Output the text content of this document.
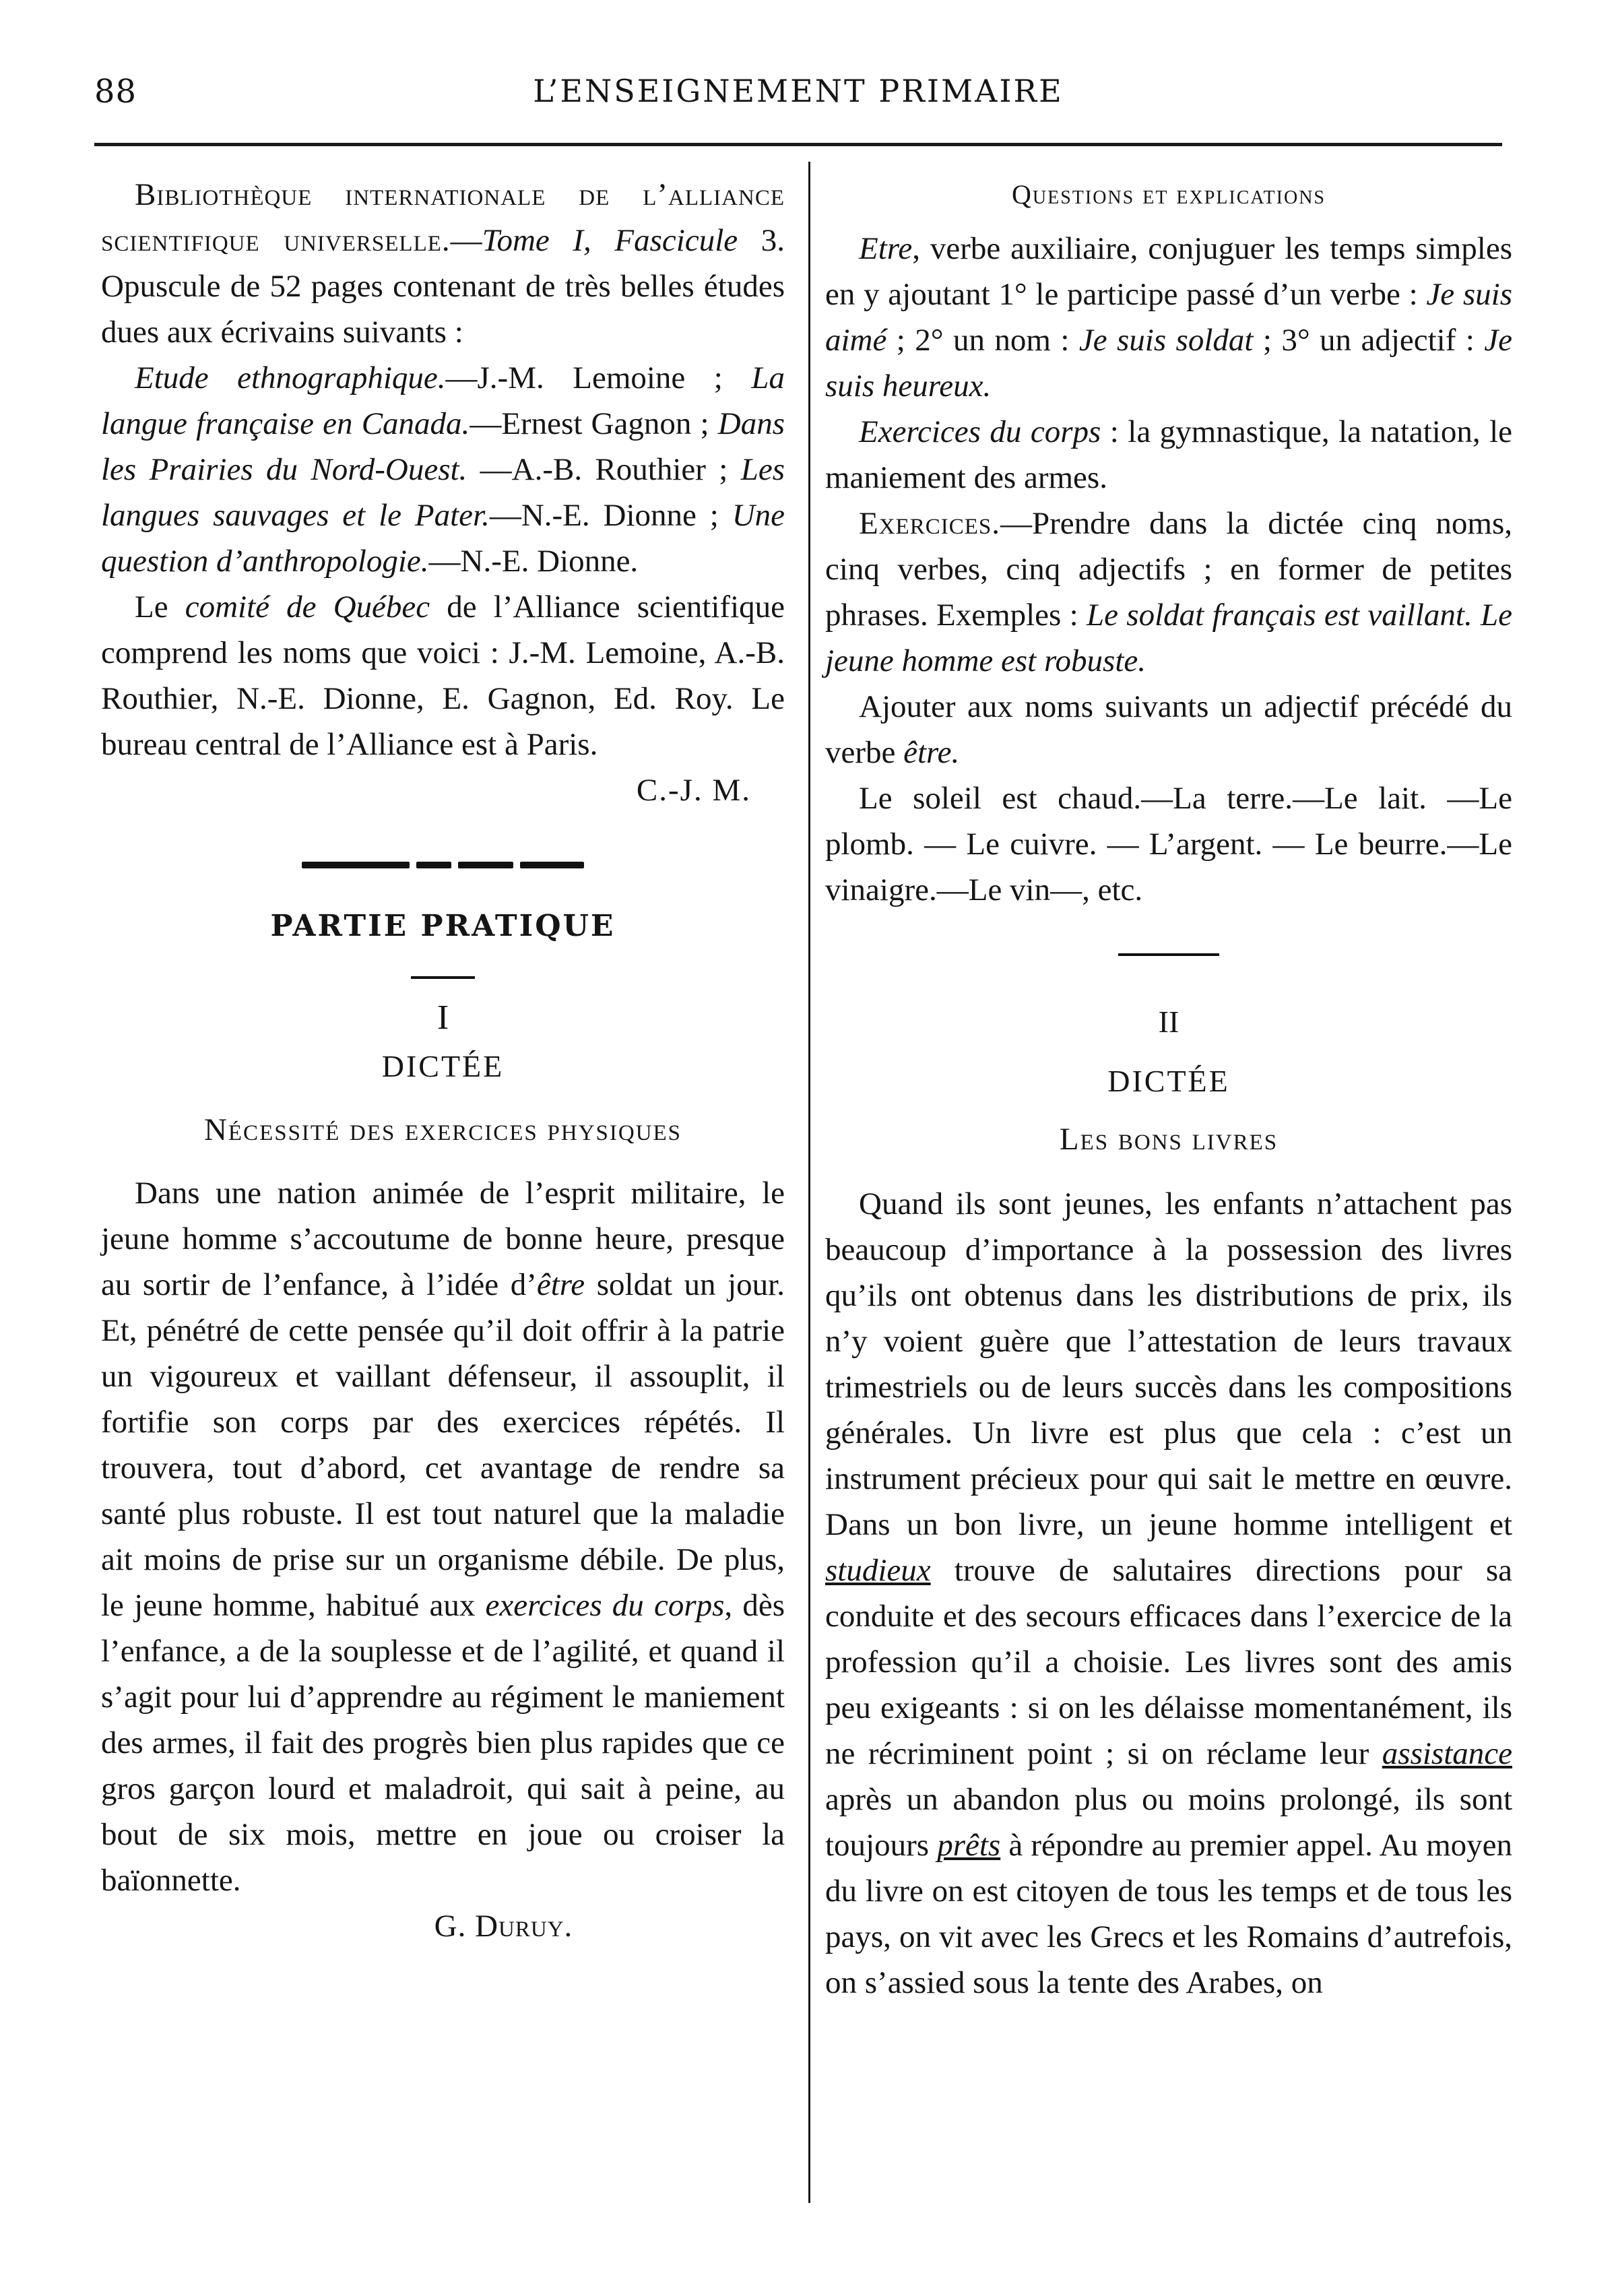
88	L’ENSEIGNEMENT PRIMAIRE

Bibliothèque internationale de l’alliance scientifique universelle.—Tome I, Fascicule 3. Opuscule de 52 pages contenant de très belles études dues aux écrivains suivants :

Etude ethnographique.—J.-M. Lemoine ; La langue française en Canada.—Ernest Gagnon ; Dans les Prairies du Nord-Ouest. —A.-B. Routhier ; Les langues sauvages et le Pater.—N.-E. Dionne ; Une question d’anthropologie.—N.-E. Dionne.

Le comité de Québec de l’Alliance scientifique comprend les noms que voici : J.-M. Lemoine, A.-B. Routhier, N.-E. Dionne, E. Gagnon, Ed. Roy. Le bureau central de l’Alliance est à Paris.

C.-J. M.

PARTIE PRATIQUE

I

DICTÉE

Nécessité des exercices physiques

Dans une nation animée de l’esprit militaire, le jeune homme s’accoutume de bonne heure, presque au sortir de l’enfance, à l’idée d’être soldat un jour. Et, pénétré de cette pensée qu’il doit offrir à la patrie un vigoureux et vaillant défenseur, il assouplit, il fortifie son corps par des exercices répétés. Il trouvera, tout d’abord, cet avantage de rendre sa santé plus robuste. Il est tout naturel que la maladie ait moins de prise sur un organisme débile. De plus, le jeune homme, habitué aux exercices du corps, dès l’enfance, a de la souplesse et de l’agilité, et quand il s’agit pour lui d’apprendre au régiment le maniement des armes, il fait des progrès bien plus rapides que ce gros garçon lourd et maladroit, qui sait à peine, au bout de six mois, mettre en joue ou croiser la baïonnette.

G. Duruy.

Questions et explications

Etre, verbe auxiliaire, conjuguer les temps simples en y ajoutant 1° le participe passé d’un verbe : Je suis aimé ; 2° un nom : Je suis soldat ; 3° un adjectif : Je suis heureux.

Exercices du corps : la gymnastique, la natation, le maniement des armes.

Exercices.—Prendre dans la dictée cinq noms, cinq verbes, cinq adjectifs ; en former de petites phrases. Exemples : Le soldat français est vaillant. Le jeune homme est robuste.

Ajouter aux noms suivants un adjectif précédé du verbe être.

Le soleil est chaud.—La terre.—Le lait. —Le plomb. — Le cuivre. — L’argent. — Le beurre.—Le vinaigre.—Le vin—, etc.

II

DICTÉE

Les bons livres

Quand ils sont jeunes, les enfants n’attachent pas beaucoup d’importance à la possession des livres qu’ils ont obtenus dans les distributions de prix, ils n’y voient guère que l’attestation de leurs travaux trimestriels ou de leurs succès dans les compositions générales. Un livre est plus que cela : c’est un instrument précieux pour qui sait le mettre en œuvre. Dans un bon livre, un jeune homme intelligent et studieux trouve de salutaires directions pour sa conduite et des secours efficaces dans l’exercice de la profession qu’il a choisie. Les livres sont des amis peu exigeants : si on les délaisse momentanément, ils ne récriminent point ; si on réclame leur assistance après un abandon plus ou moins prolongé, ils sont toujours prêts à répondre au premier appel. Au moyen du livre on est citoyen de tous les temps et de tous les pays, on vit avec les Grecs et les Romains d’autrefois, on s’assied sous la tente des Arabes, on
